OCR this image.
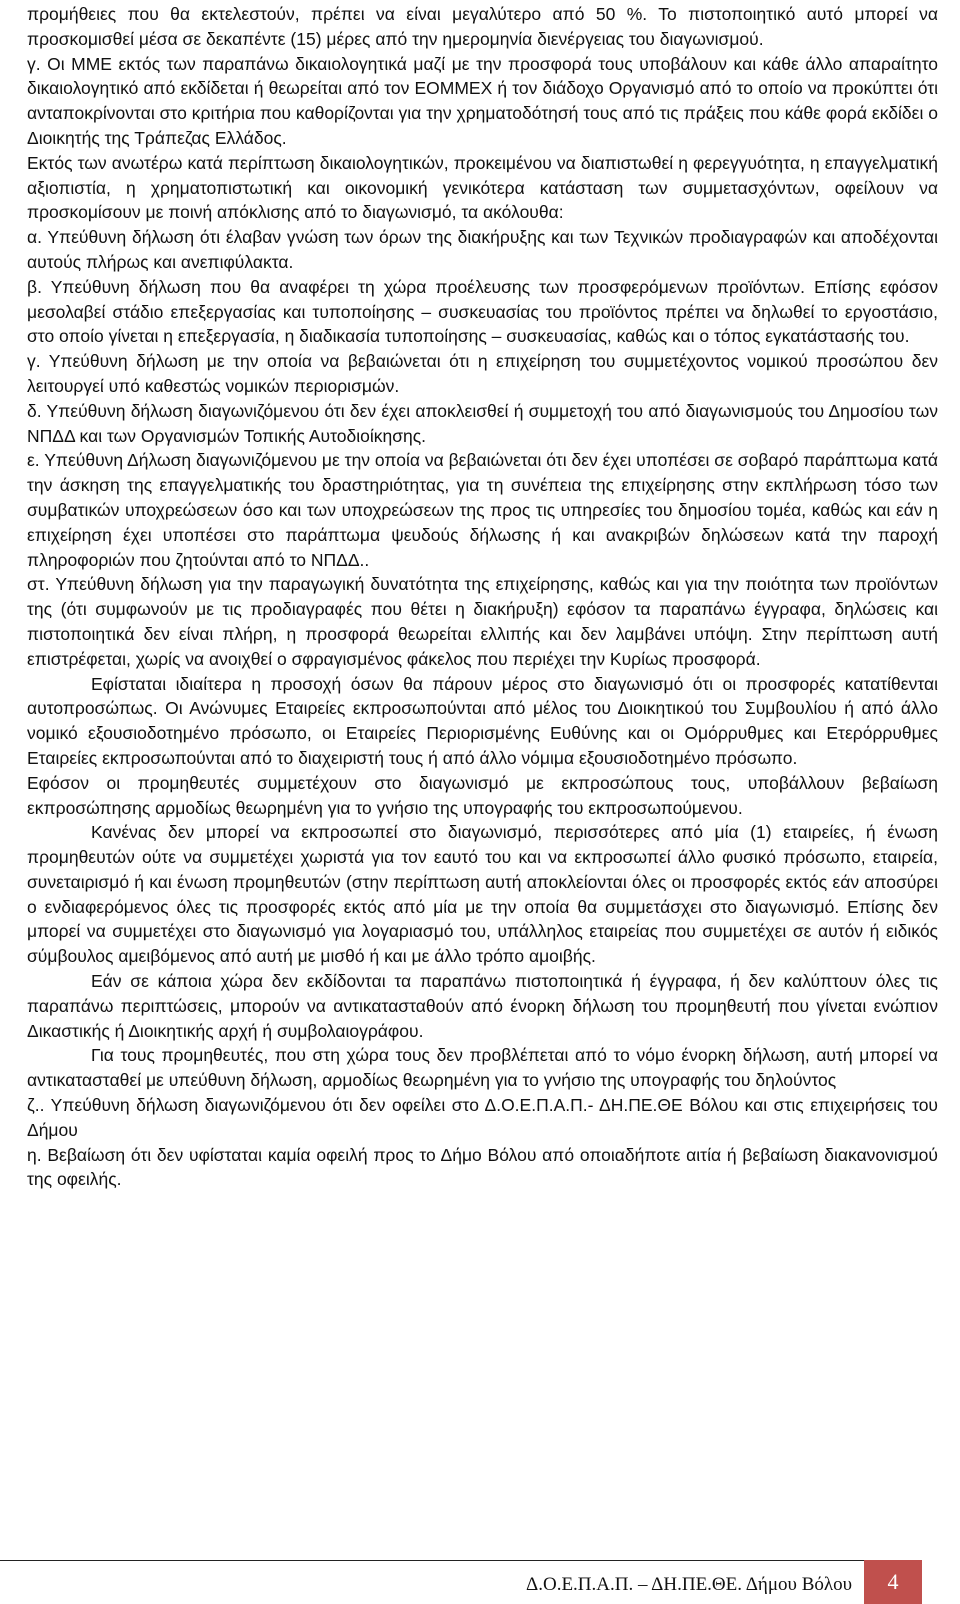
προμήθειες που θα εκτελεστούν, πρέπει να είναι μεγαλύτερο από 50 %. Το πιστοποιητικό αυτό μπορεί να προσκομισθεί μέσα σε δεκαπέντε (15) μέρες από την ημερομηνία διενέργειας του διαγωνισμού.

γ. Οι ΜΜΕ εκτός των παραπάνω δικαιολογητικά μαζί με την προσφορά τους υποβάλουν και κάθε άλλο απαραίτητο δικαιολογητικό από εκδίδεται ή θεωρείται από τον ΕΟΜΜΕΧ ή τον διάδοχο Οργανισμό από το οποίο να προκύπτει ότι ανταποκρίνονται στο κριτήρια που καθορίζονται για την χρηματοδότησή τους από τις πράξεις που κάθε φορά εκδίδει ο Διοικητής της Τράπεζας Ελλάδος.

Εκτός των ανωτέρω κατά περίπτωση δικαιολογητικών, προκειμένου να διαπιστωθεί η φερεγγυότητα, η επαγγελματική αξιοπιστία, η χρηματοπιστωτική και οικονομική γενικότερα κατάσταση των συμμετασχόντων, οφείλουν να προσκομίσουν με ποινή απόκλισης από το διαγωνισμό, τα ακόλουθα:

α. Υπεύθυνη δήλωση ότι έλαβαν γνώση των όρων της διακήρυξης και των Τεχνικών προδιαγραφών και αποδέχονται αυτούς πλήρως και ανεπιφύλακτα.

β. Υπεύθυνη δήλωση που θα αναφέρει τη χώρα προέλευσης των προσφερόμενων προϊόντων. Επίσης εφόσον μεσολαβεί στάδιο επεξεργασίας και τυποποίησης – συσκευασίας του προϊόντος πρέπει να δηλωθεί το εργοστάσιο, στο οποίο γίνεται η επεξεργασία, η διαδικασία τυποποίησης – συσκευασίας, καθώς και ο τόπος εγκατάστασής του.

γ. Υπεύθυνη δήλωση με την οποία να βεβαιώνεται ότι η επιχείρηση του συμμετέχοντος νομικού προσώπου δεν λειτουργεί υπό καθεστώς νομικών περιορισμών.

δ. Υπεύθυνη δήλωση διαγωνιζόμενου ότι δεν έχει αποκλεισθεί ή συμμετοχή του από διαγωνισμούς του Δημοσίου των ΝΠΔΔ και των Οργανισμών Τοπικής Αυτοδιοίκησης.

ε. Υπεύθυνη Δήλωση διαγωνιζόμενου με την οποία να βεβαιώνεται ότι δεν έχει υποπέσει σε σοβαρό παράπτωμα κατά την άσκηση της επαγγελματικής του δραστηριότητας, για τη συνέπεια της επιχείρησης στην εκπλήρωση τόσο των συμβατικών υποχρεώσεων όσο και των υποχρεώσεων της προς τις υπηρεσίες του δημοσίου τομέα, καθώς και εάν η επιχείρηση έχει υποπέσει στο παράπτωμα ψευδούς δήλωσης ή και ανακριβών δηλώσεων κατά την παροχή πληροφοριών που ζητούνται από το ΝΠΔΔ..

στ. Υπεύθυνη δήλωση για την παραγωγική δυνατότητα της επιχείρησης, καθώς και για την ποιότητα των προϊόντων της (ότι συμφωνούν με τις προδιαγραφές που θέτει η διακήρυξη) εφόσον τα παραπάνω έγγραφα, δηλώσεις και πιστοποιητικά δεν είναι πλήρη, η προσφορά θεωρείται ελλιπής και δεν λαμβάνει υπόψη. Στην περίπτωση αυτή επιστρέφεται, χωρίς να ανοιχθεί ο σφραγισμένος φάκελος που περιέχει την Κυρίως προσφορά.

Εφίσταται ιδιαίτερα η προσοχή όσων θα πάρουν μέρος στο διαγωνισμό ότι οι προσφορές κατατίθενται αυτοπροσώπως. Οι Ανώνυμες Εταιρείες εκπροσωπούνται από μέλος του Διοικητικού του Συμβουλίου ή από άλλο νομικό εξουσιοδοτημένο πρόσωπο, οι Εταιρείες Περιορισμένης Ευθύνης και οι Ομόρρυθμες και Ετερόρρυθμες Εταιρείες εκπροσωπούνται από το διαχειριστή τους ή από άλλο νόμιμα εξουσιοδοτημένο πρόσωπο.

Εφόσον οι προμηθευτές συμμετέχουν στο διαγωνισμό με εκπροσώπους τους, υποβάλλουν βεβαίωση εκπροσώπησης αρμοδίως θεωρημένη για το γνήσιο της υπογραφής του εκπροσωπούμενου.

Κανένας δεν μπορεί να εκπροσωπεί στο διαγωνισμό, περισσότερες από μία (1) εταιρείες, ή ένωση προμηθευτών ούτε να συμμετέχει χωριστά για τον εαυτό του και να εκπροσωπεί άλλο φυσικό πρόσωπο, εταιρεία, συνεταιρισμό ή και ένωση προμηθευτών (στην περίπτωση αυτή αποκλείονται όλες οι προσφορές εκτός εάν αποσύρει ο ενδιαφερόμενος όλες τις προσφορές εκτός από μία με την οποία θα συμμετάσχει στο διαγωνισμό. Επίσης δεν μπορεί να συμμετέχει στο διαγωνισμό για λογαριασμό του, υπάλληλος εταιρείας που συμμετέχει σε αυτόν ή ειδικός σύμβουλος αμειβόμενος από αυτή με μισθό ή και με άλλο τρόπο αμοιβής.

Εάν σε κάποια χώρα δεν εκδίδονται τα παραπάνω πιστοποιητικά ή έγγραφα, ή δεν καλύπτουν όλες τις παραπάνω περιπτώσεις, μπορούν να αντικατασταθούν από ένορκη δήλωση του προμηθευτή που γίνεται ενώπιον Δικαστικής ή Διοικητικής αρχή ή συμβολαιογράφου.

Για τους προμηθευτές, που στη χώρα τους δεν προβλέπεται από το νόμο ένορκη δήλωση, αυτή μπορεί να αντικατασταθεί με υπεύθυνη δήλωση, αρμοδίως θεωρημένη για το γνήσιο της υπογραφής του δηλούντος

ζ.. Υπεύθυνη δήλωση διαγωνιζόμενου ότι δεν οφείλει στο Δ.Ο.Ε.Π.Α.Π.- ΔΗ.ΠΕ.ΘΕ Βόλου και στις επιχειρήσεις του Δήμου

η. Βεβαίωση ότι δεν υφίσταται καμία οφειλή προς το Δήμο Βόλου από οποιαδήποτε αιτία ή βεβαίωση διακανονισμού της οφειλής.

Δ.Ο.Ε.Π.Α.Π. – ΔΗ.ΠΕ.ΘΕ. Δήμου Βόλου	4
